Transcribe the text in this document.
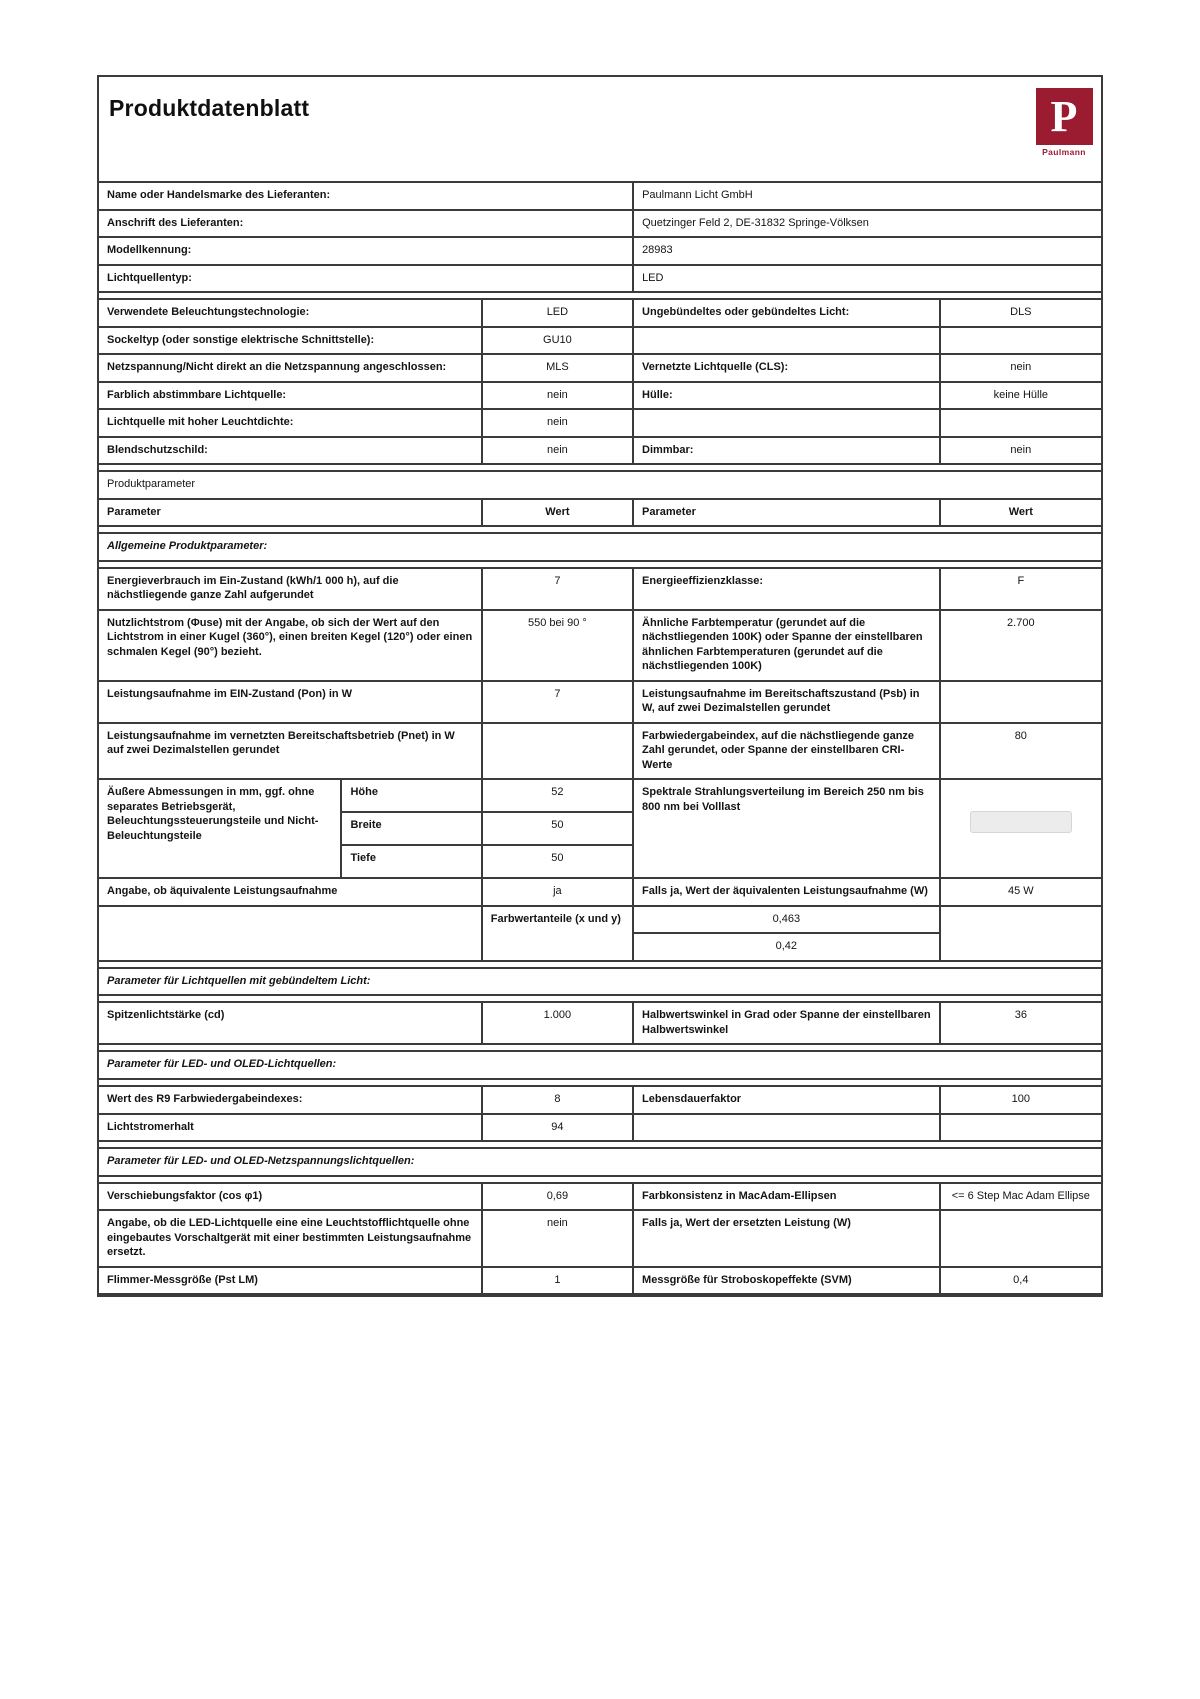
Produktdatenblatt	P
Paulmann
Name oder Handelsmarke des Lieferanten:	Paulmann Licht GmbH
Anschrift des Lieferanten:	Quetzinger Feld 2, DE-31832 Springe-Völksen
Modellkennung:	28983
Lichtquellentyp:	LED
Verwendete Beleuchtungstechnologie:	LED	Ungebündeltes oder gebündeltes Licht:	DLS
Sockeltyp (oder sonstige elektrische Schnittstelle):	GU10		
Netzspannung/Nicht direkt an die Netzspannung angeschlossen:	MLS	Vernetzte Lichtquelle (CLS):	nein
Farblich abstimmbare Lichtquelle:	nein	Hülle:	keine Hülle
Lichtquelle mit hoher Leuchtdichte:	nein		
Blendschutzschild:	nein	Dimmbar:	nein
Produktparameter
Parameter	Wert	Parameter	Wert
Allgemeine Produktparameter:
Energieverbrauch im Ein-Zustand (kWh/1 000 h), auf die nächstliegende ganze Zahl aufgerundet		7	Energieeffizienzklasse:	F
Nutzlichtstrom (Φuse) mit der Angabe, ob sich der Wert auf den Lichtstrom in einer Kugel (360°), einen breiten Kegel (120°) oder einen schmalen Kegel (90°) bezieht.		550 bei 90 °	Ähnliche Farbtemperatur (gerundet auf die nächstliegenden 100K) oder Spanne der einstellbaren ähnlichen Farbtemperaturen (gerundet auf die nächstliegenden 100K)	2.700
Leistungsaufnahme im EIN-Zustand (Pon) in W		7	Leistungsaufnahme im Bereitschaftszustand (Psb) in W, auf zwei Dezimalstellen gerundet	
Leistungsaufnahme im vernetzten Bereitschaftsbetrieb (Pnet) in W auf zwei Dezimalstellen gerundet			Farbwiedergabeindex, auf die nächstliegende ganze Zahl gerundet, oder Spanne der einstellbaren CRI-Werte	80
Äußere Abmessungen in mm, ggf. ohne separates Betriebsgerät, Beleuchtungssteuerungsteile und Nicht-Beleuchtungsteile	Höhe	52	Spektrale Strahlungsverteilung im Bereich 250 nm bis 800 nm bei Volllast	

	Breite	50		
	Tiefe	50		
Angabe, ob äquivalente Leistungsaufnahme		ja	Falls ja, Wert der äquivalenten Leistungsaufnahme (W)	45 W
		Farbwertanteile (x und y)	0,463	
			0,42	
Parameter für Lichtquellen mit gebündeltem Licht:
Spitzenlichtstärke (cd)	1.000	Halbwertswinkel in Grad oder Spanne der einstellbaren Halbwertswinkel	36
Parameter für LED- und OLED-Lichtquellen:
Wert des R9 Farbwiedergabeindexes:	8	Lebensdauerfaktor	100
Lichtstromerhalt	94		
Parameter für LED- und OLED-Netzspannungslichtquellen:
Verschiebungsfaktor (cos φ1)	0,69	Farbkonsistenz in MacAdam-Ellipsen	<= 6 Step Mac Adam Ellipse
Angabe, ob die LED-Lichtquelle eine eine Leuchtstofflichtquelle ohne eingebautes Vorschaltgerät mit einer bestimmten Leistungsaufnahme ersetzt.	nein	Falls ja, Wert der ersetzten Leistung (W)	
Flimmer-Messgröße (Pst LM)	1	Messgröße für Stroboskopeffekte (SVM)	0,4
